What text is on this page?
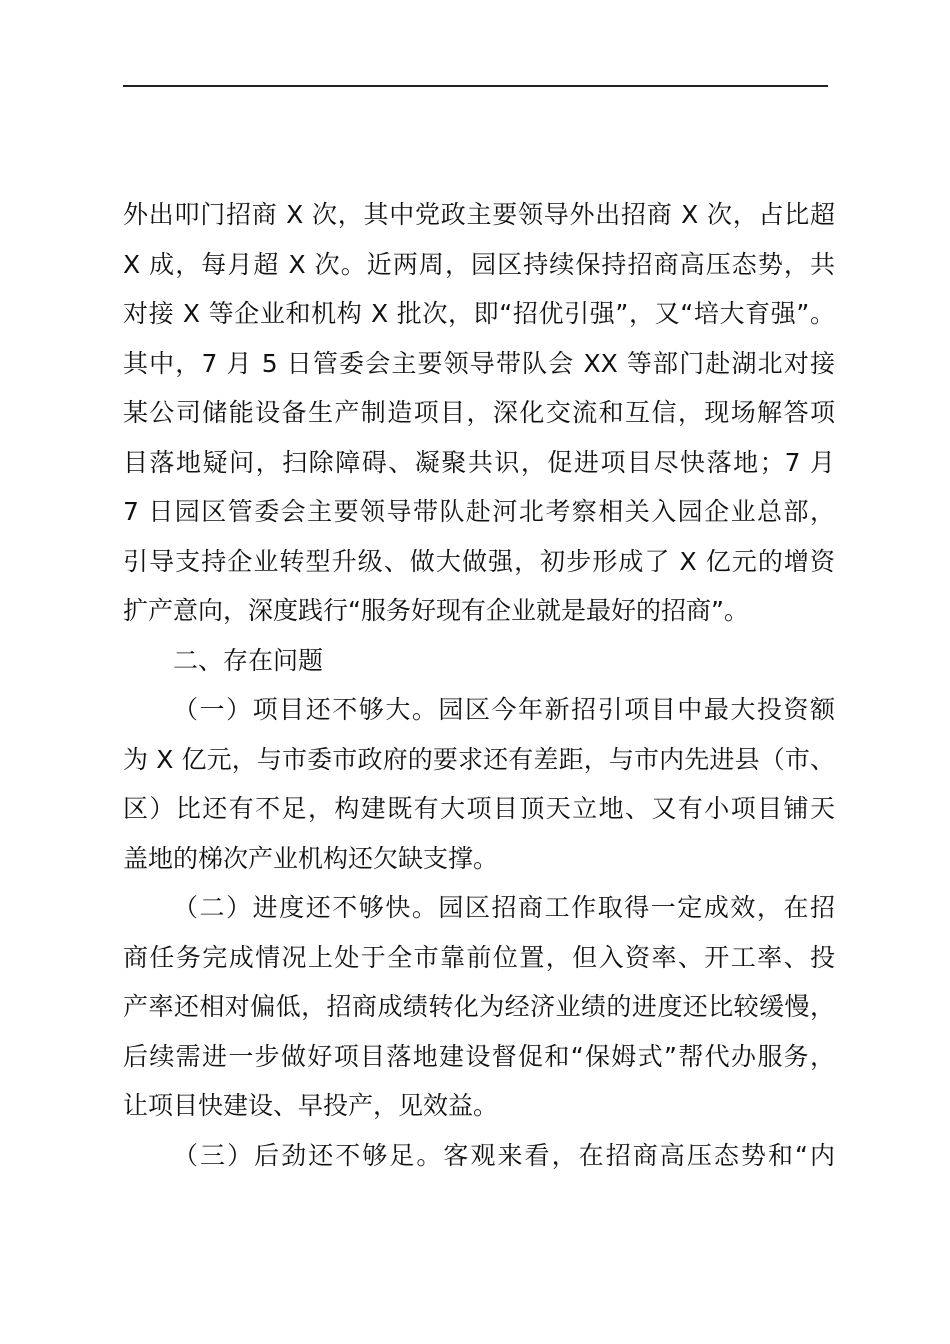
外出叩门招商 X 次，其中党政主要领导外出招商 X 次，占比超
X 成，每月超 X 次。近两周，园区持续保持招商高压态势，共
对接 X 等企业和机构 X 批次，即“招优引强”，又“培大育强”。
其中，7 月 5 日管委会主要领导带队会 XX 等部门赴湖北对接
某公司储能设备生产制造项目，深化交流和互信，现场解答项
目落地疑问，扫除障碍、凝聚共识，促进项目尽快落地；7 月
7 日园区管委会主要领导带队赴河北考察相关入园企业总部，
引导支持企业转型升级、做大做强，初步形成了 X 亿元的增资
扩产意向，深度践行“服务好现有企业就是最好的招商”。
二、存在问题
（一）项目还不够大。园区今年新招引项目中最大投资额
为 X 亿元，与市委市政府的要求还有差距，与市内先进县（市、
区）比还有不足，构建既有大项目顶天立地、又有小项目铺天
盖地的梯次产业机构还欠缺支撑。
（二）进度还不够快。园区招商工作取得一定成效，在招
商任务完成情况上处于全市靠前位置，但入资率、开工率、投
产率还相对偏低，招商成绩转化为经济业绩的进度还比较缓慢，
后续需进一步做好项目落地建设督促和“保姆式”帮代办服务，
让项目快建设、早投产，见效益。
（三）后劲还不够足。客观来看，在招商高压态势和“内
